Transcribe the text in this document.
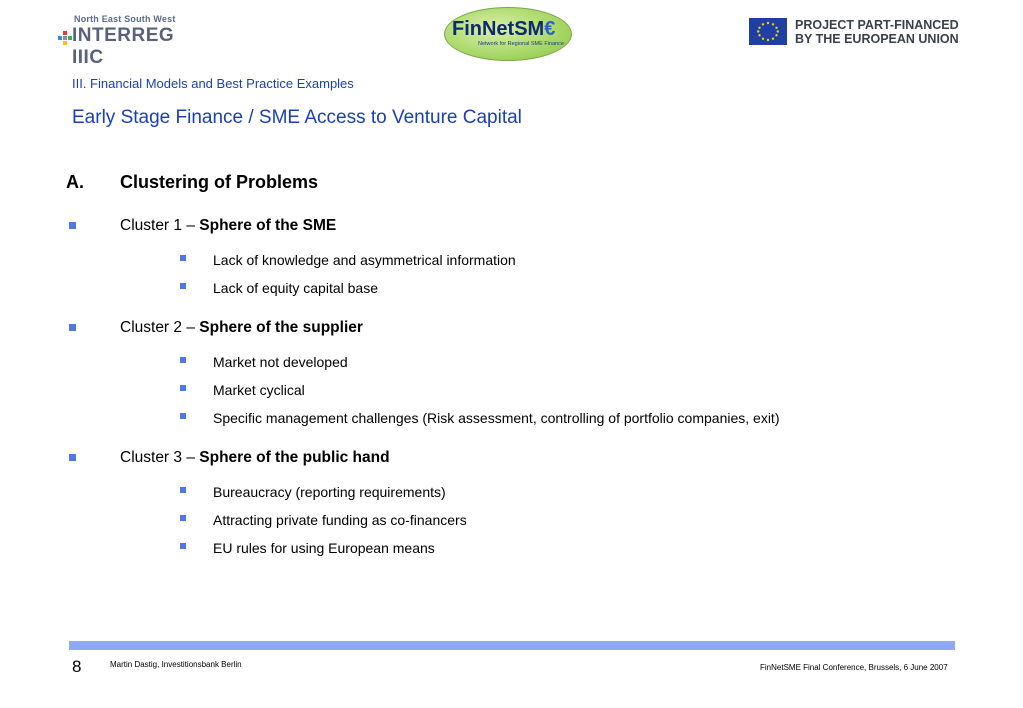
North East South West
INTERREG IIIC
FinNetSM€
Network for Regional SME Finance
PROJECT PART-FINANCED
BY THE EUROPEAN UNION
III. Financial Models and Best Practice Examples
Early Stage Finance / SME Access to Venture Capital
A. Clustering of Problems
Cluster 1 – Sphere of the SME
Lack of knowledge and asymmetrical information
Lack of equity capital base
Cluster 2 – Sphere of the supplier
Market not developed
Market cyclical
Specific management challenges (Risk assessment, controlling of portfolio companies, exit)
Cluster 3 – Sphere of the public hand
Bureaucracy (reporting requirements)
Attracting private funding as co-financers
EU rules for using European means
8	Martin Dastig, Investitionsbank Berlin	FinNetSME Final Conference, Brussels, 6 June 2007
